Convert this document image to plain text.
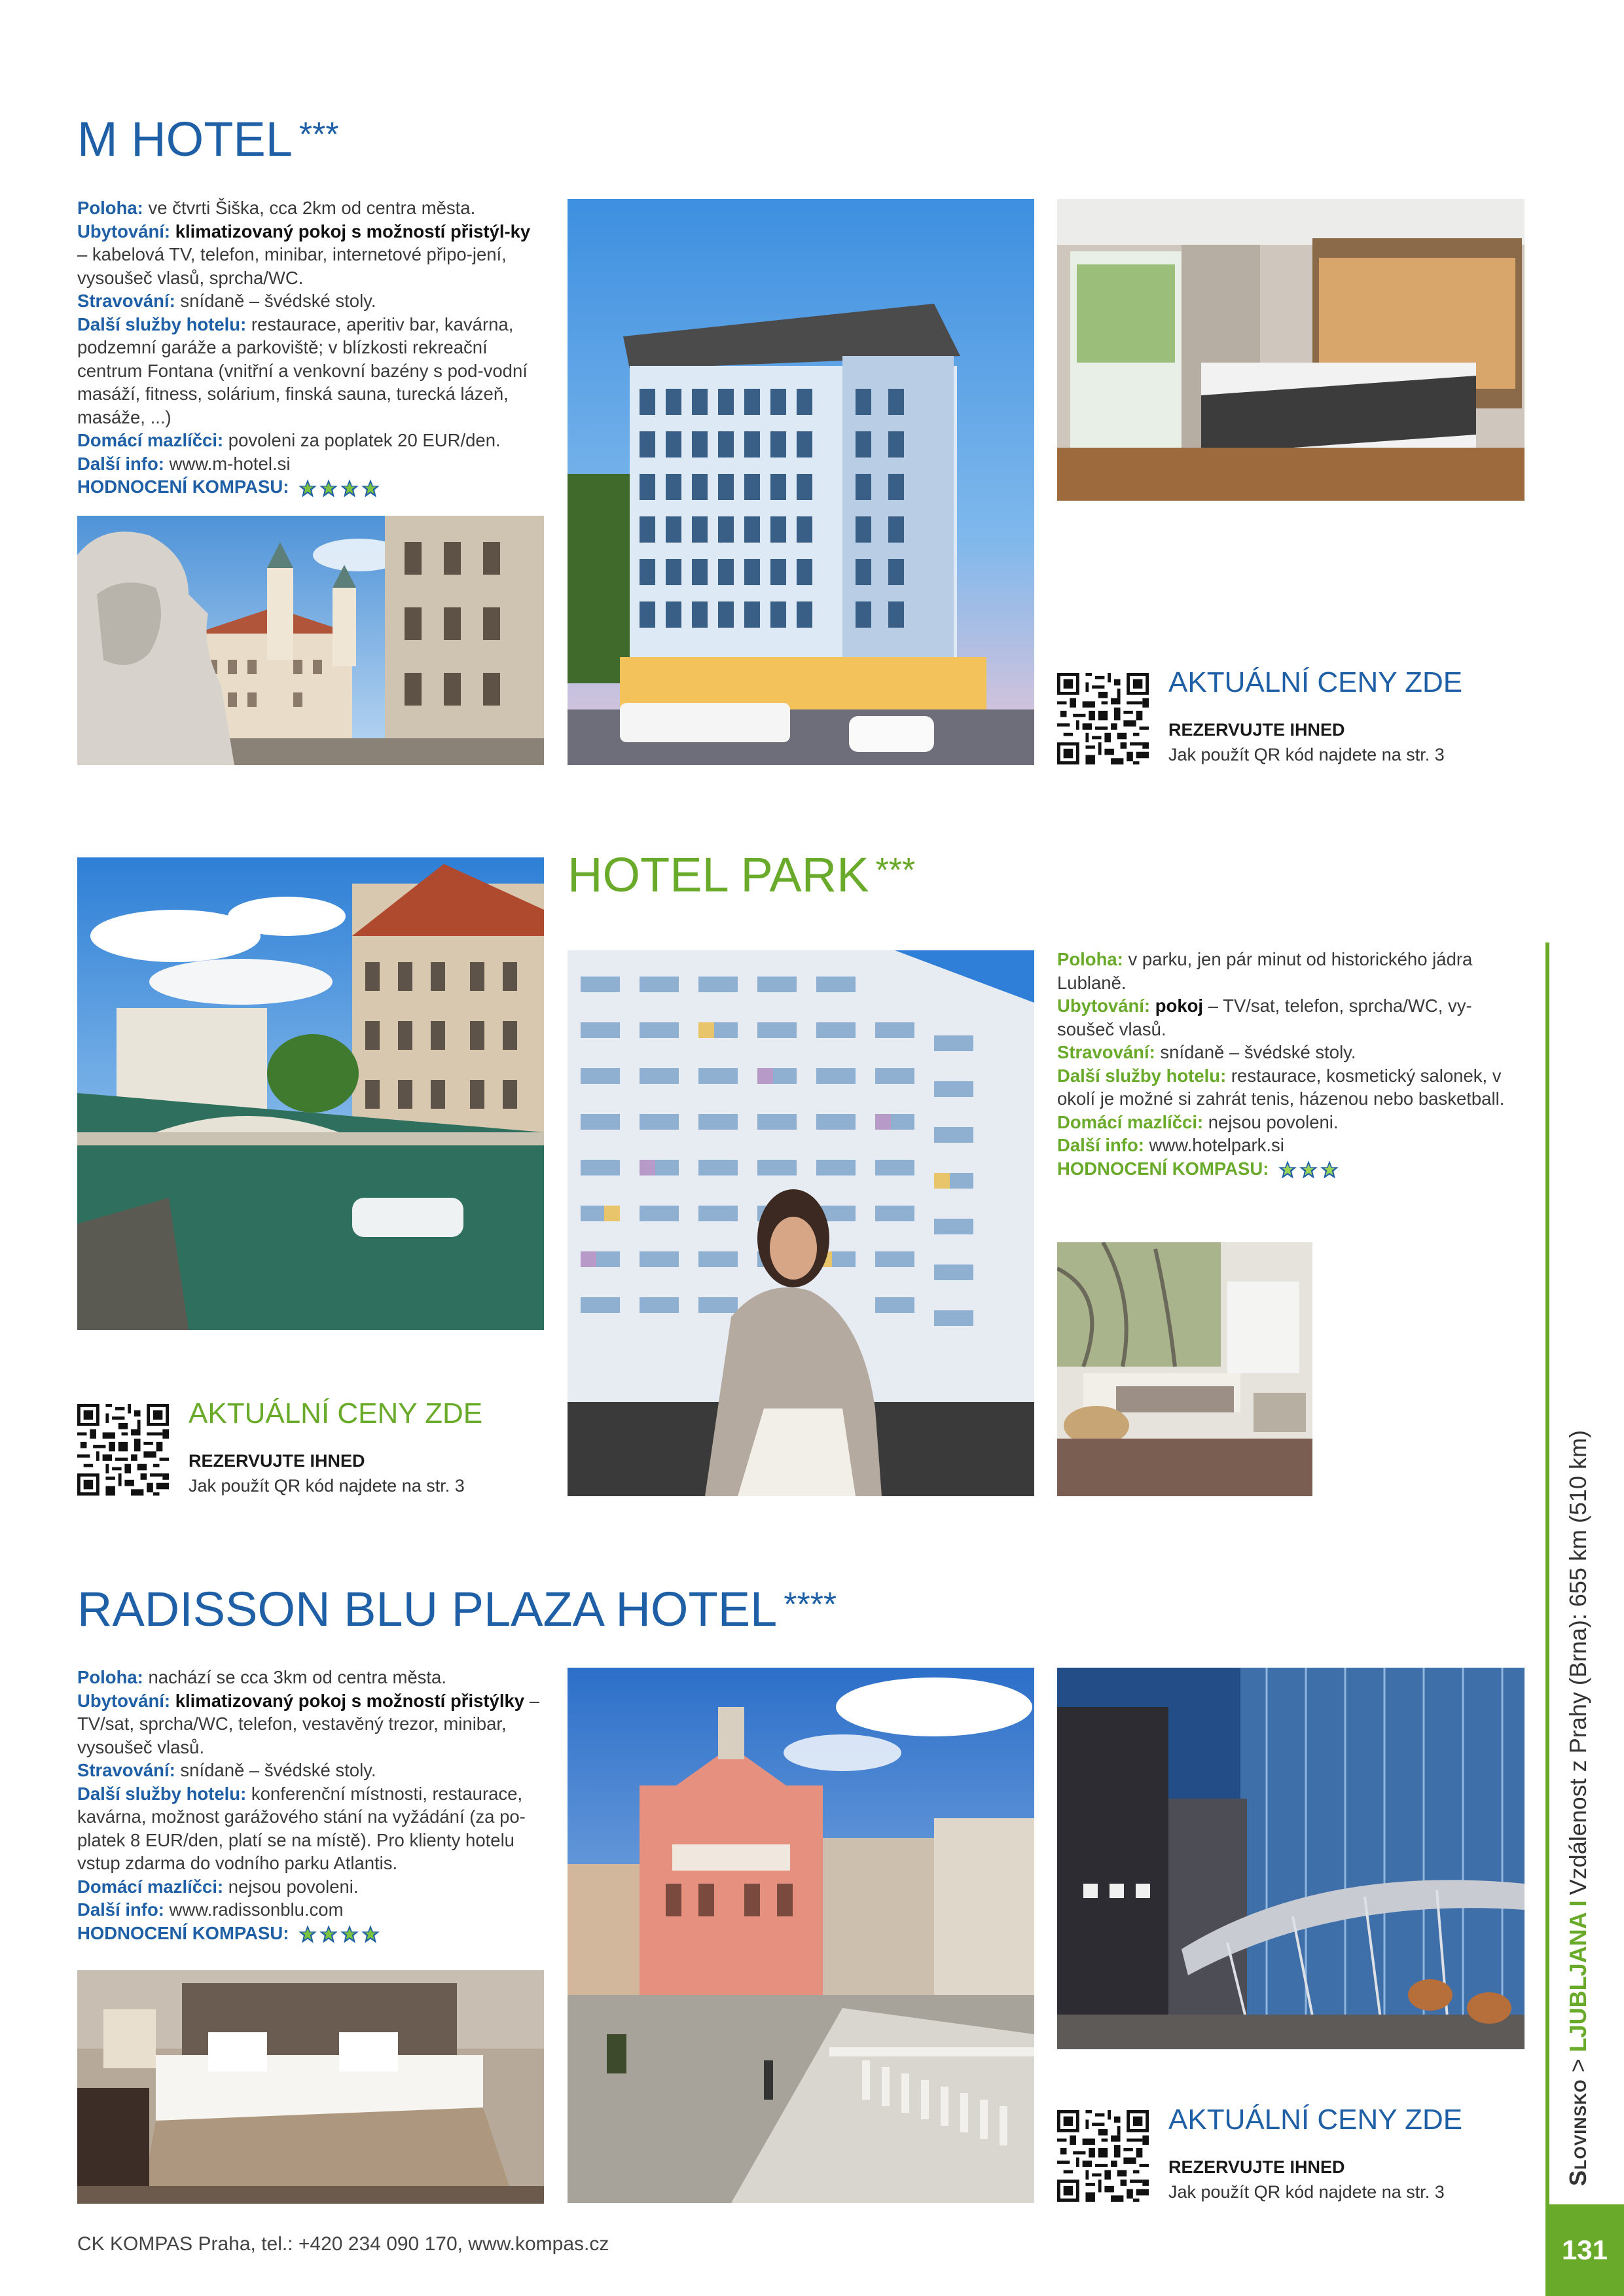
M HOTEL ***
Poloha: ve čtvrti Šiška, cca 2km od centra města.
Ubytování: klimatizovaný pokoj s možností přistýl-ky – kabelová TV, telefon, minibar, internetové připo-jení, vysoušeč vlasů, sprcha/WC.
Stravování: snídaně – švédské stoly.
Další služby hotelu: restaurace, aperitiv bar, kavárna, podzemní garáže a parkoviště; v blízkosti rekreační centrum Fontana (vnitřní a venkovní bazény s pod-vodní masáží, fitness, solárium, finská sauna, turecká lázeň, masáže, ...)
Domácí mazlíčci: povoleni za poplatek 20 EUR/den.
Další info: www.m-hotel.si
HODNOCENÍ KOMPASU:
AKTUÁLNÍ CENY ZDE
REZERVUJTE IHNED
Jak použít QR kód najdete na str. 3
HOTEL PARK ***
Poloha: v parku, jen pár minut od historického jádra Lublaně.
Ubytování: pokoj – TV/sat, telefon, sprcha/WC, vy-soušeč vlasů.
Stravování: snídaně – švédské stoly.
Další služby hotelu: restaurace, kosmetický salonek, v okolí je možné si zahrát tenis, házenou nebo basketball.
Domácí mazlíčci: nejsou povoleni.
Další info: www.hotelpark.si
HODNOCENÍ KOMPASU:
AKTUÁLNÍ CENY ZDE
REZERVUJTE IHNED
Jak použít QR kód najdete na str. 3
RADISSON BLU PLAZA HOTEL ****
Poloha: nachází se cca 3km od centra města.
Ubytování: klimatizovaný pokoj s možností přistýlky – TV/sat, sprcha/WC, telefon, vestavěný trezor, minibar, vysoušeč vlasů.
Stravování: snídaně – švédské stoly.
Další služby hotelu: konferenční místnosti, restaurace, kavárna, možnost garážového stání na vyžádání (za po-platek 8 EUR/den, platí se na místě). Pro klienty hotelu vstup zdarma do vodního parku Atlantis.
Domácí mazlíčci: nejsou povoleni.
Další info: www.radissonblu.com
HODNOCENÍ KOMPASU:
AKTUÁLNÍ CENY ZDE
REZERVUJTE IHNED
Jak použít QR kód najdete na str. 3
Slovinsko > LJUBLJANAIVzdálenost z Prahy (Brna): 655 km (510 km)
131
CK KOMPAS Praha, tel.: +420 234 090 170, www.kompas.cz
